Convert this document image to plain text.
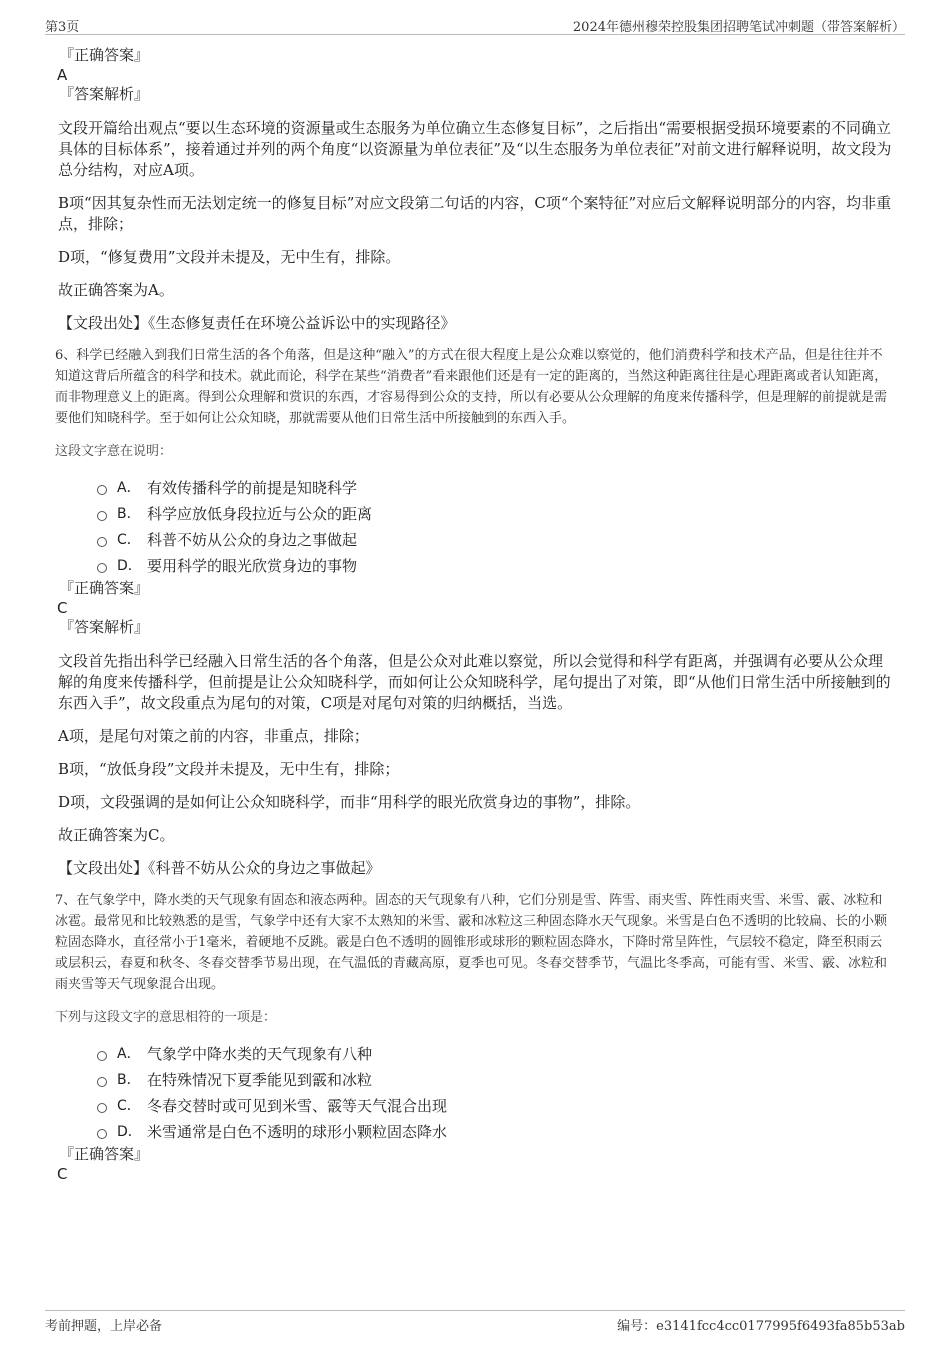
第3页	2024年德州穆荣控股集团招聘笔试冲刺题（带答案解析）

『正确答案』

A

『答案解析』

文段开篇给出观点“要以生态环境的资源量或生态服务为单位确立生态修复目标”，之后指出“需要根据受损环境要素的不同确立具体的目标体系”，接着通过并列的两个角度“以资源量为单位表征”及“以生态服务为单位表征”对前文进行解释说明，故文段为总分结构，对应A项。

B项“因其复杂性而无法划定统一的修复目标”对应文段第二句话的内容，C项“个案特征”对应后文解释说明部分的内容，均非重点，排除；

D项，“修复费用”文段并未提及，无中生有，排除。

故正确答案为A。

【文段出处】《生态修复责任在环境公益诉讼中的实现路径》

6、科学已经融入到我们日常生活的各个角落，但是这种“融入”的方式在很大程度上是公众难以察觉的，他们消费科学和技术产品，但是往往并不知道这背后所蕴含的科学和技术。就此而论，科学在某些“消费者”看来跟他们还是有一定的距离的，当然这种距离往往是心理距离或者认知距离，而非物理意义上的距离。得到公众理解和赏识的东西，才容易得到公众的支持，所以有必要从公众理解的角度来传播科学，但是理解的前提就是需要他们知晓科学。至于如何让公众知晓，那就需要从他们日常生活中所接触到的东西入手。

这段文字意在说明：

A． 有效传播科学的前提是知晓科学
B． 科学应放低身段拉近与公众的距离
C． 科普不妨从公众的身边之事做起
D． 要用科学的眼光欣赏身边的事物

『正确答案』

C

『答案解析』

文段首先指出科学已经融入日常生活的各个角落，但是公众对此难以察觉，所以会觉得和科学有距离，并强调有必要从公众理解的角度来传播科学，但前提是让公众知晓科学，而如何让公众知晓科学，尾句提出了对策，即“从他们日常生活中所接触到的东西入手”，故文段重点为尾句的对策，C项是对尾句对策的归纳概括，当选。

A项，是尾句对策之前的内容，非重点，排除；

B项，“放低身段”文段并未提及，无中生有，排除；

D项，文段强调的是如何让公众知晓科学，而非“用科学的眼光欣赏身边的事物”，排除。

故正确答案为C。

【文段出处】《科普不妨从公众的身边之事做起》

7、在气象学中，降水类的天气现象有固态和液态两种。固态的天气现象有八种，它们分别是雪、阵雪、雨夹雪、阵性雨夹雪、米雪、霰、冰粒和冰雹。最常见和比较熟悉的是雪，气象学中还有大家不太熟知的米雪、霰和冰粒这三种固态降水天气现象。米雪是白色不透明的比较扁、长的小颗粒固态降水，直径常小于1毫米，着硬地不反跳。霰是白色不透明的圆锥形或球形的颗粒固态降水，下降时常呈阵性，气层较不稳定，降至积雨云或层积云，春夏和秋冬、冬春交替季节易出现，在气温低的青藏高原，夏季也可见。冬春交替季节，气温比冬季高，可能有雪、米雪、霰、冰粒和雨夹雪等天气现象混合出现。

下列与这段文字的意思相符的一项是：

A． 气象学中降水类的天气现象有八种
B． 在特殊情况下夏季能见到霰和冰粒
C． 冬春交替时或可见到米雪、霰等天气混合出现
D． 米雪通常是白色不透明的球形小颗粒固态降水

『正确答案』

C

考前押题，上岸必备	编号：e3141fcc4cc0177995f6493fa85b53ab
